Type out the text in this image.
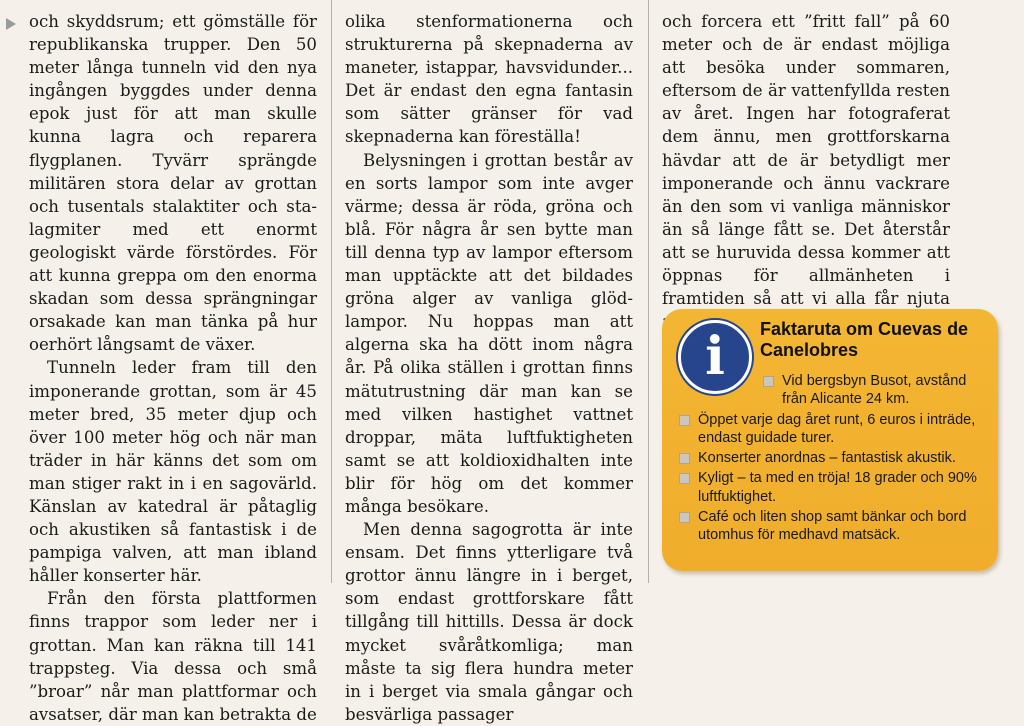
och skyddsrum; ett gömställe för republikanska trupper. Den 50 meter långa tunneln vid den nya ingången byggdes under denna epok just för att man skulle kunna lagra och reparera flygplanen. Tyvärr sprängde militären stora delar av grottan och tusentals stalaktiter och stalagmiter med ett enormt geologiskt värde förstördes. För att kunna greppa om den enorma skadan som dessa sprängningar orsakade kan man tänka på hur oerhört långsamt de växer.

Tunneln leder fram till den imponerande grottan, som är 45 meter bred, 35 meter djup och över 100 meter hög och när man träder in här känns det som om man stiger rakt in i en sagovärld. Känslan av katedral är påtaglig och akustiken så fantastisk i de pampiga valven, att man ibland håller konserter här.

Från den första plattformen finns trappor som leder ner i grottan. Man kan räkna till 141 trappsteg. Via dessa och små ”broar” når man plattformar och avsatser, där man kan betrakta de

olika stenformationerna och strukturerna på skepnaderna av maneter, istappar, havsvidunder... Det är endast den egna fantasin som sätter gränser för vad skepnaderna kan föreställa!

Belysningen i grottan består av en sorts lampor som inte avger värme; dessa är röda, gröna och blå. För några år sen bytte man till denna typ av lampor eftersom man upptäckte att det bildades gröna alger av vanliga glödlampor. Nu hoppas man att algerna ska ha dött inom några år. På olika ställen i grottan finns mätutrustning där man kan se med vilken hastighet vattnet droppar, mäta luftfuktigheten samt se att koldioxidhalten inte blir för hög om det kommer många besökare.

Men denna sagogrotta är inte ensam. Det finns ytterligare två grottor ännu längre in i berget, som endast grottforskare fått tillgång till hittills. Dessa är dock mycket svåråtkomliga; man måste ta sig flera hundra meter in i berget via smala gångar och besvärliga passager

och forcera ett ”fritt fall” på 60 meter och de är endast möjliga att besöka under sommaren, eftersom de är vattenfyllda resten av året. Ingen har fotograferat dem ännu, men grottforskarna hävdar att de är betydligt mer imponerande och ännu vackrare än den som vi vanliga människor än så länge fått se. Det återstår att se huruvida dessa kommer att öppnas för allmänheten i framtiden så att vi alla får njuta

i	Faktaruta om Cuevas de Canelobres
Vid bergsbyn Busot, avstånd från Alicante 24 km.
Öppet varje dag året runt, 6 euros i inträde, endast guidade turer.
Konserter anordnas – fantastisk akustik.
Kyligt – ta med en tröja! 18 grader och 90% luftfuktighet.
Café och liten shop samt bänkar och bord utomhus för medhavd matsäck.
